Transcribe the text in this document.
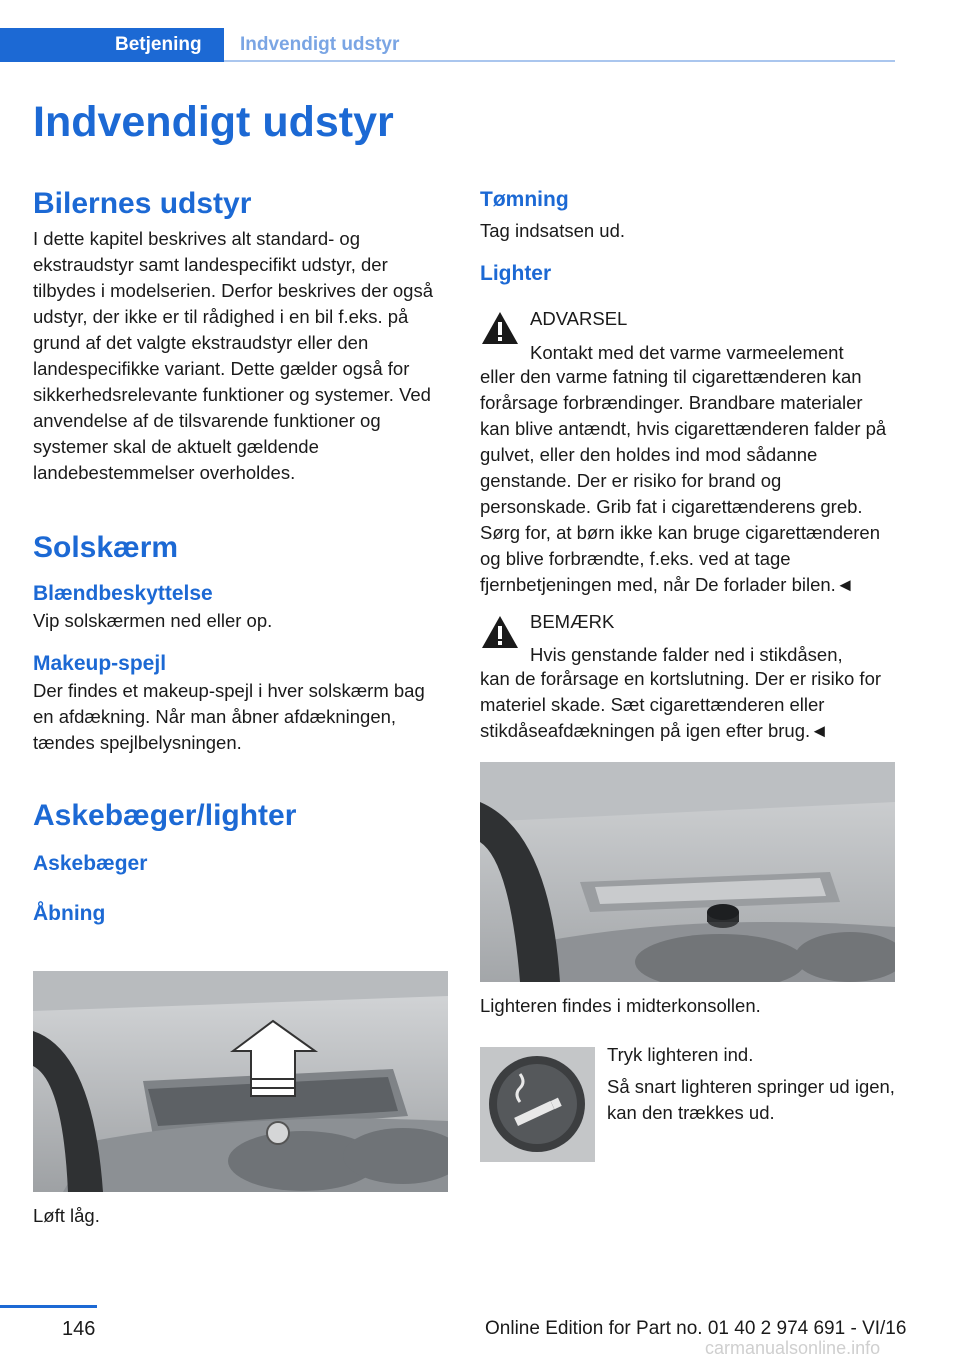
Betjening Indvendigt udstyr
Indvendigt udstyr
Bilernes udstyr

I dette kapitel beskrives alt standard- og ekstraudstyr samt landespecifikt udstyr, der tilbydes i modelserien. Derfor beskrives der også udstyr, der ikke er til rådighed i en bil f.eks. på grund af det valgte ekstraudstyr eller den landespecifikke variant. Dette gælder også for sikkerhedsrelevante funktioner og systemer. Ved anvendelse af de tilsvarende funktioner og systemer skal de aktuelt gældende landebestemmelser overholdes.

Solskærm
Blændbeskyttelse

Vip solskærmen ned eller op.

Makeup-spejl

Der findes et makeup-spejl i hver solskærm bag en afdækning. Når man åbner afdækningen, tændes spejlbelysningen.

Askebæger/lighter
Askebæger
Åbning
Løft låg.
Tømning

Tag indsatsen ud.

Lighter
ADVARSEL
Kontakt med det varme varmeelement
eller den varme fatning til cigarettænderen kan forårsage forbrændinger. Brandbare materialer kan blive antændt, hvis cigarettænderen falder på gulvet, eller den holdes ind mod sådanne genstande. Der er risiko for brand og personskade. Grib fat i cigarettænderens greb. Sørg for, at børn ikke kan bruge cigarettænderen og blive forbrændte, f.eks. ved at tage fjernbetjeningen med, når De forlader bilen.◄
BEMÆRK
Hvis genstande falder ned i stikdåsen,
kan de forårsage en kortslutning. Der er risiko for materiel skade. Sæt cigarettænderen eller stikdåseafdækningen på igen efter brug.◄
Lighteren findes i midterkonsollen.
Tryk lighteren ind.
Så snart lighteren springer ud igen, kan den trækkes ud.
146	Online Edition for Part no. 01 40 2 974 691 - VI/16
carmanualsonline.info
